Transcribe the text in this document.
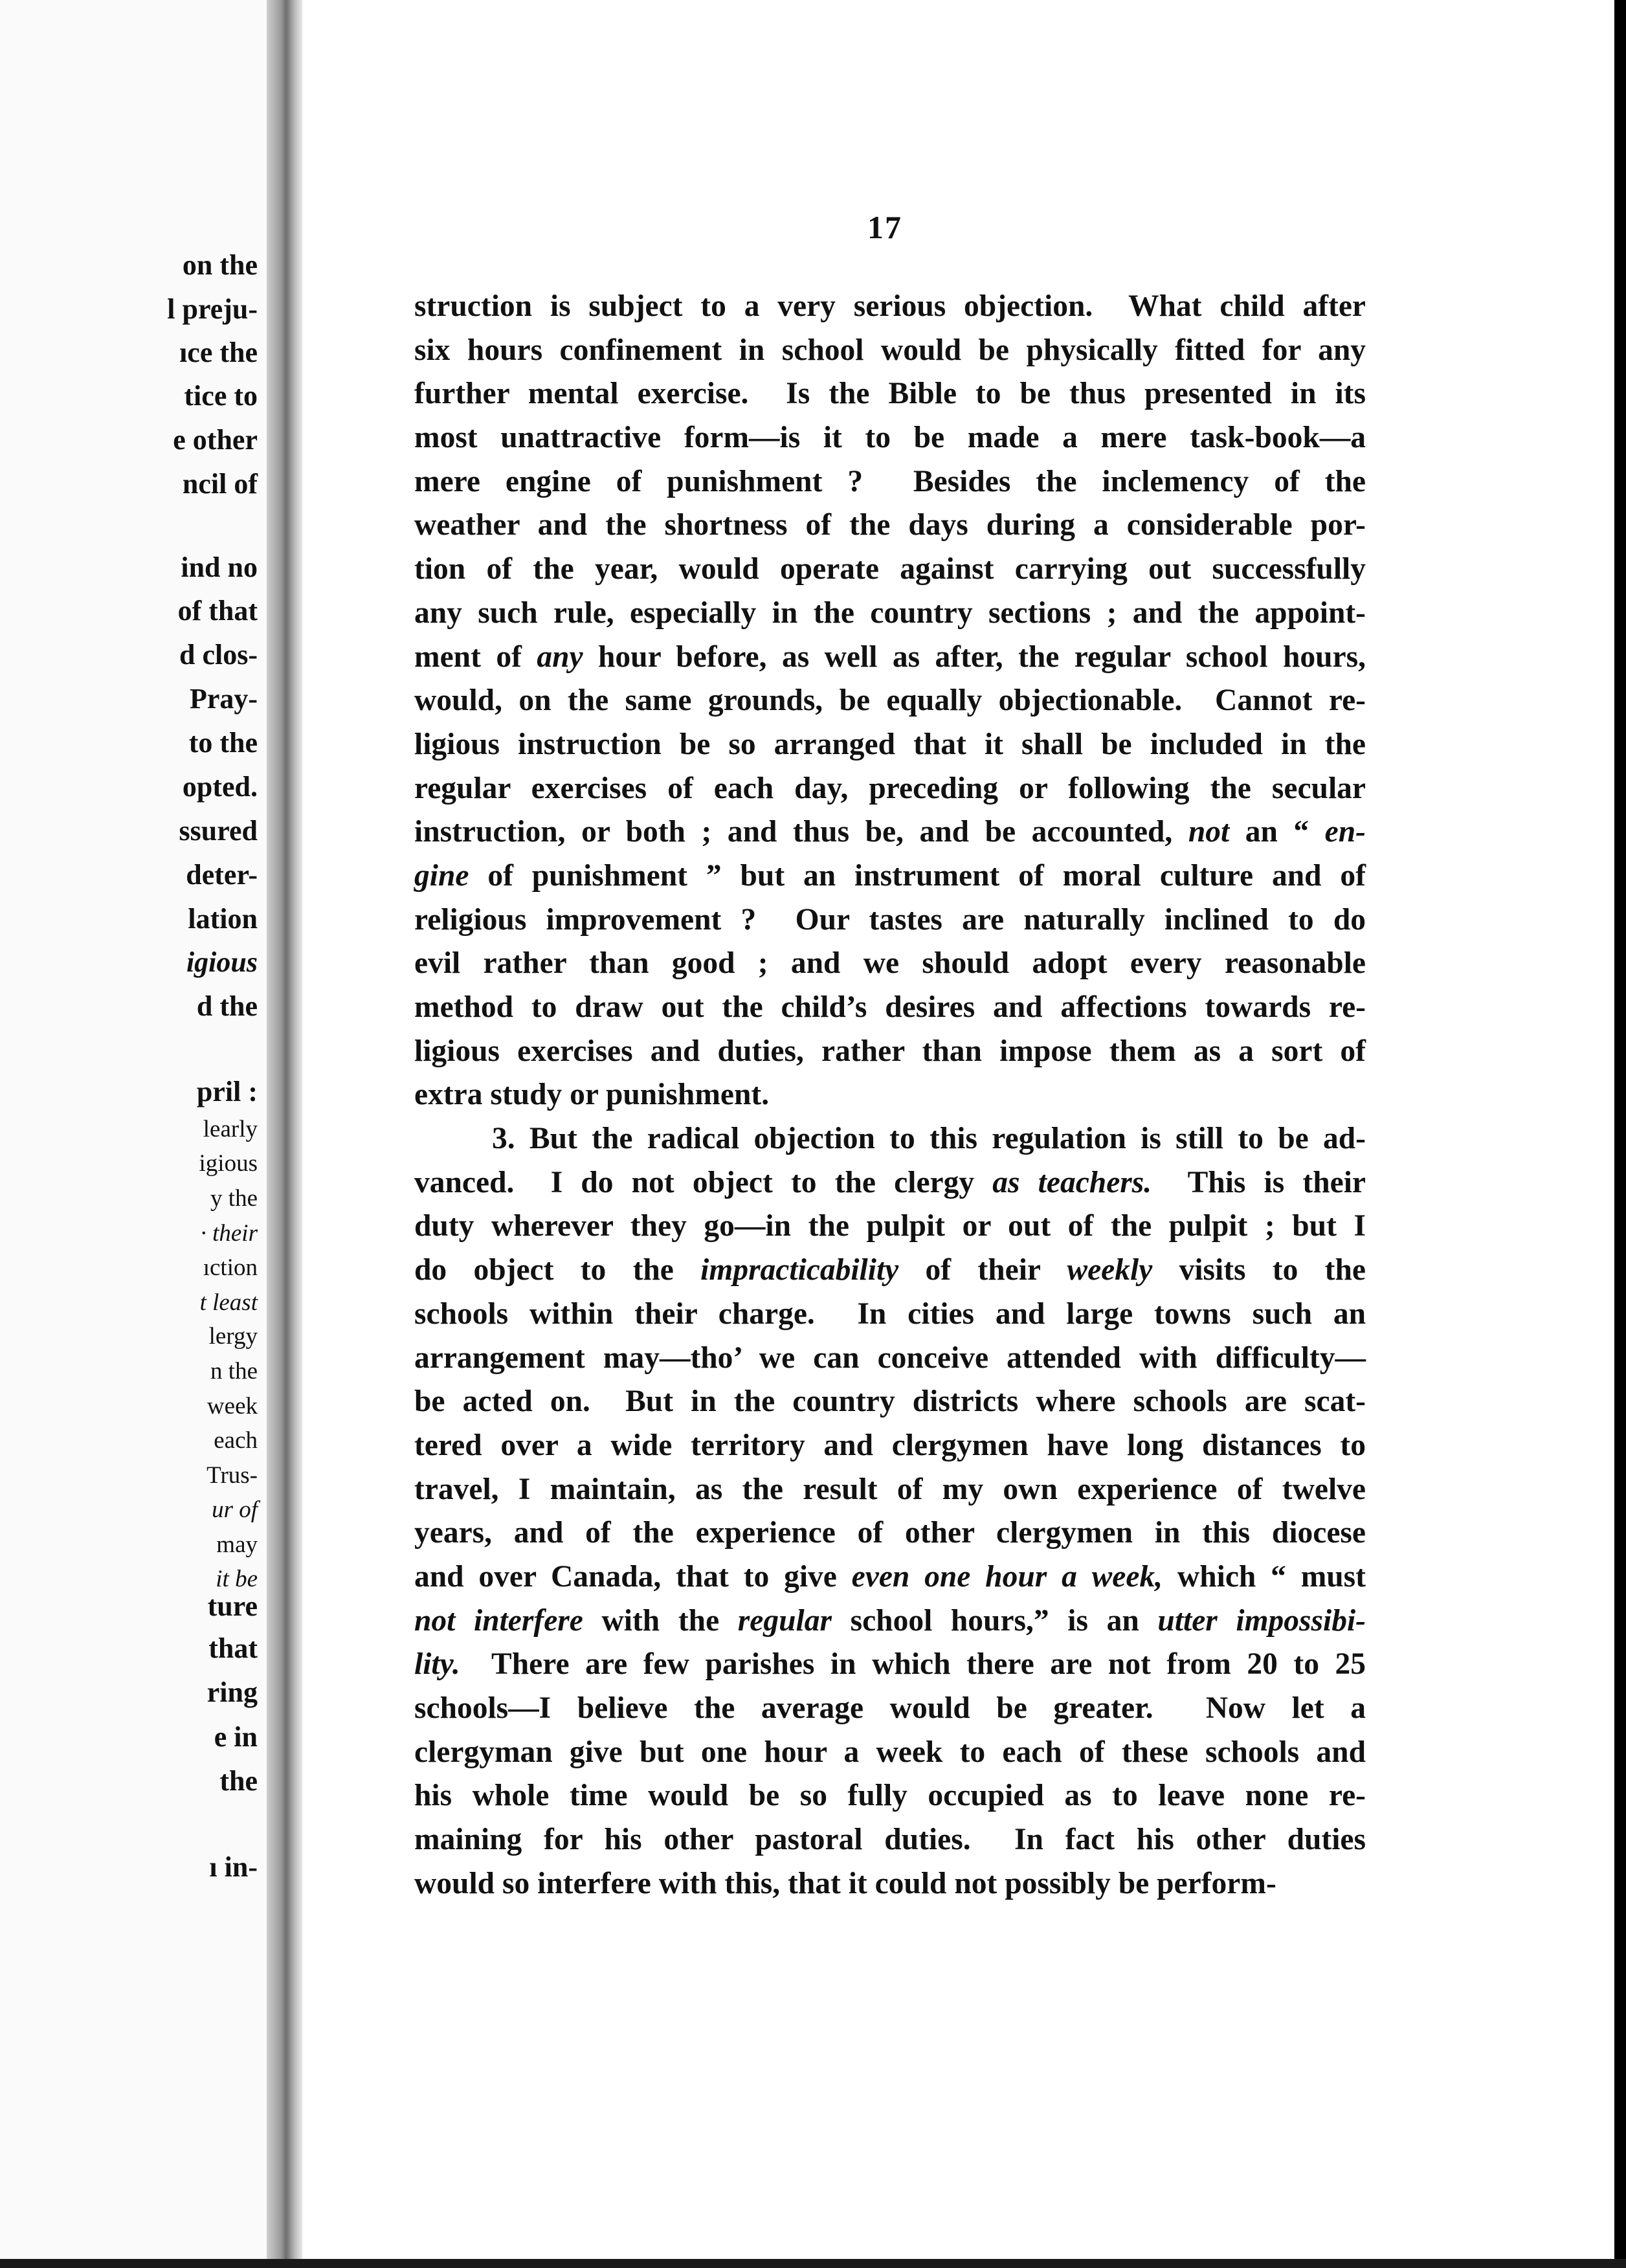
on the

l preju-

ıce the

tice to

e other

ncil of

ind no

of that

d clos-

Pray-

to the

opted.

ssured

deter-

lation

igious

d the

pril :

learly

igious

y the

· their

ıction

t least

lergy

n the

week

each

Trus-

ur of

may

it be

ture

that

ring

e in

the

ı in-

17

struction is subject to a very serious objection.  What child after
six hours confinement in school would be physically fitted for any
further mental exercise.  Is the Bible to be thus presented in its
most unattractive form—is it to be made a mere task-book—a
mere engine of punishment ?  Besides the inclemency of the
weather and the shortness of the days during a considerable por-
tion of the year, would operate against carrying out successfully
any such rule, especially in the country sections ; and the appoint-
ment of any hour before, as well as after, the regular school hours,
would, on the same grounds, be equally objectionable.  Cannot re-
ligious instruction be so arranged that it shall be included in the
regular exercises of each day, preceding or following the secular
instruction, or both ; and thus be, and be accounted, not an “ en-
gine of punishment ” but an instrument of moral culture and of
religious improvement ?  Our tastes are naturally inclined to do
evil rather than good ; and we should adopt every reasonable
method to draw out the child’s desires and affections towards re-
ligious exercises and duties, rather than impose them as a sort of
extra study or punishment.
3. But the radical objection to this regulation is still to be ad-
vanced.  I do not object to the clergy as teachers.  This is their
duty wherever they go—in the pulpit or out of the pulpit ; but I
do object to the impracticability of their weekly visits to the
schools within their charge.  In cities and large towns such an
arrangement may—tho’ we can conceive attended with difficulty—
be acted on.  But in the country districts where schools are scat-
tered over a wide territory and clergymen have long distances to
travel, I maintain, as the result of my own experience of twelve
years, and of the experience of other clergymen in this diocese
and over Canada, that to give even one hour a week, which “ must
not interfere with the regular school hours,” is an utter impossibi-
lity.  There are few parishes in which there are not from 20 to 25
schools—I believe the average would be greater.  Now let a
clergyman give but one hour a week to each of these schools and
his whole time would be so fully occupied as to leave none re-
maining for his other pastoral duties.  In fact his other duties
would so interfere with this, that it could not possibly be perform-
